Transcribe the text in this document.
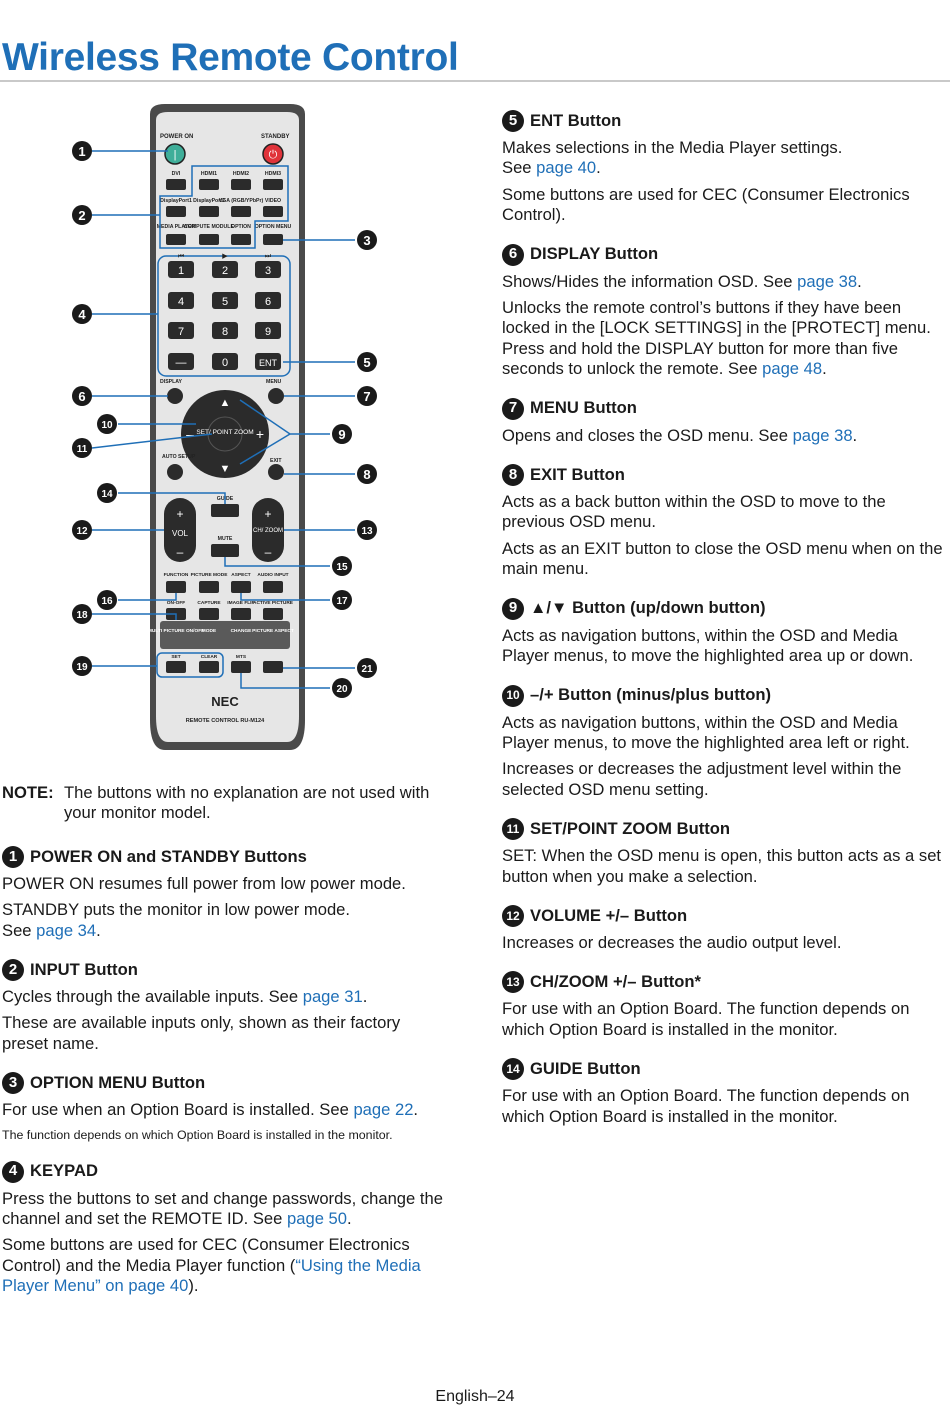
Wireless Remote Control
POWER ON	STANDBY
|	⏻
DVI	HDMI1	HDMI2	HDMI3
DisplayPort1 DisplayPort2
VGA (RGB/YPbPr) VIDEO
MEDIA PLAYER
COMPUTE MODULE
OPTION OPTION MENU
⏮	▶	⏭
1	2	3
4	5	6
7	8	9
—	0	ENT
DISPLAY	MENU
▲
▼
–	+
SET/ POINT ZOOM
AUTO SETUP
EXIT
+
VOL
–
+
CH/ ZOOM
–
GUIDE
MUTE
FUNCTION PICTURE MODE ASPECT AUDIO INPUT
ON-OFF	CAPTURE IMAGE FLIP
ACTIVE PICTURE
MULTI PICTURE ON/OFF
MODE	CHANGE PICTURE ASPECT
SET	CLEAR	MTS
NEC
REMOTE CONTROL RU-M124
1
2
3
4
5
6	7
8
9
10
11
12	13
14
15
16	17
18
19
20
21
NOTE: The buttons with no explanation are not used with your monitor model.
1 POWER ON and STANDBY Buttons

POWER ON resumes full power from low power mode.

STANDBY puts the monitor in low power mode.
See page 34.

2 INPUT Button

Cycles through the available inputs. See page 31.

These are available inputs only, shown as their factory preset name.

3 OPTION MENU Button

For use when an Option Board is installed. See page 22.

The function depends on which Option Board is installed in the monitor.

4 KEYPAD

Press the buttons to set and change passwords, change the channel and set the REMOTE ID. See page 50.

Some buttons are used for CEC (Consumer Electronics Control) and the Media Player function (“Using the Media Player Menu” on page 40).

5 ENT Button

Makes selections in the Media Player settings.
See page 40.

Some buttons are used for CEC (Consumer Electronics Control).

6 DISPLAY Button

Shows/Hides the information OSD. See page 38.

Unlocks the remote control’s buttons if they have been locked in the [LOCK SETTINGS] in the [PROTECT] menu. Press and hold the DISPLAY button for more than five seconds to unlock the remote. See page 48.

7 MENU Button

Opens and closes the OSD menu. See page 38.

8 EXIT Button

Acts as a back button within the OSD to move to the previous OSD menu.

Acts as an EXIT button to close the OSD menu when on the main menu.

9 ▲/▼ Button (up/down button)

Acts as navigation buttons, within the OSD and Media Player menus, to move the highlighted area up or down.

10 –/+ Button (minus/plus button)

Acts as navigation buttons, within the OSD and Media Player menus, to move the highlighted area left or right.

Increases or decreases the adjustment level within the selected OSD menu setting.

11 SET/POINT ZOOM Button

SET: When the OSD menu is open, this button acts as a set button when you make a selection.

12 VOLUME +/– Button

Increases or decreases the audio output level.

13 CH/ZOOM +/– Button*

For use with an Option Board. The function depends on which Option Board is installed in the monitor.

14 GUIDE Button

For use with an Option Board. The function depends on which Option Board is installed in the monitor.

English–24
